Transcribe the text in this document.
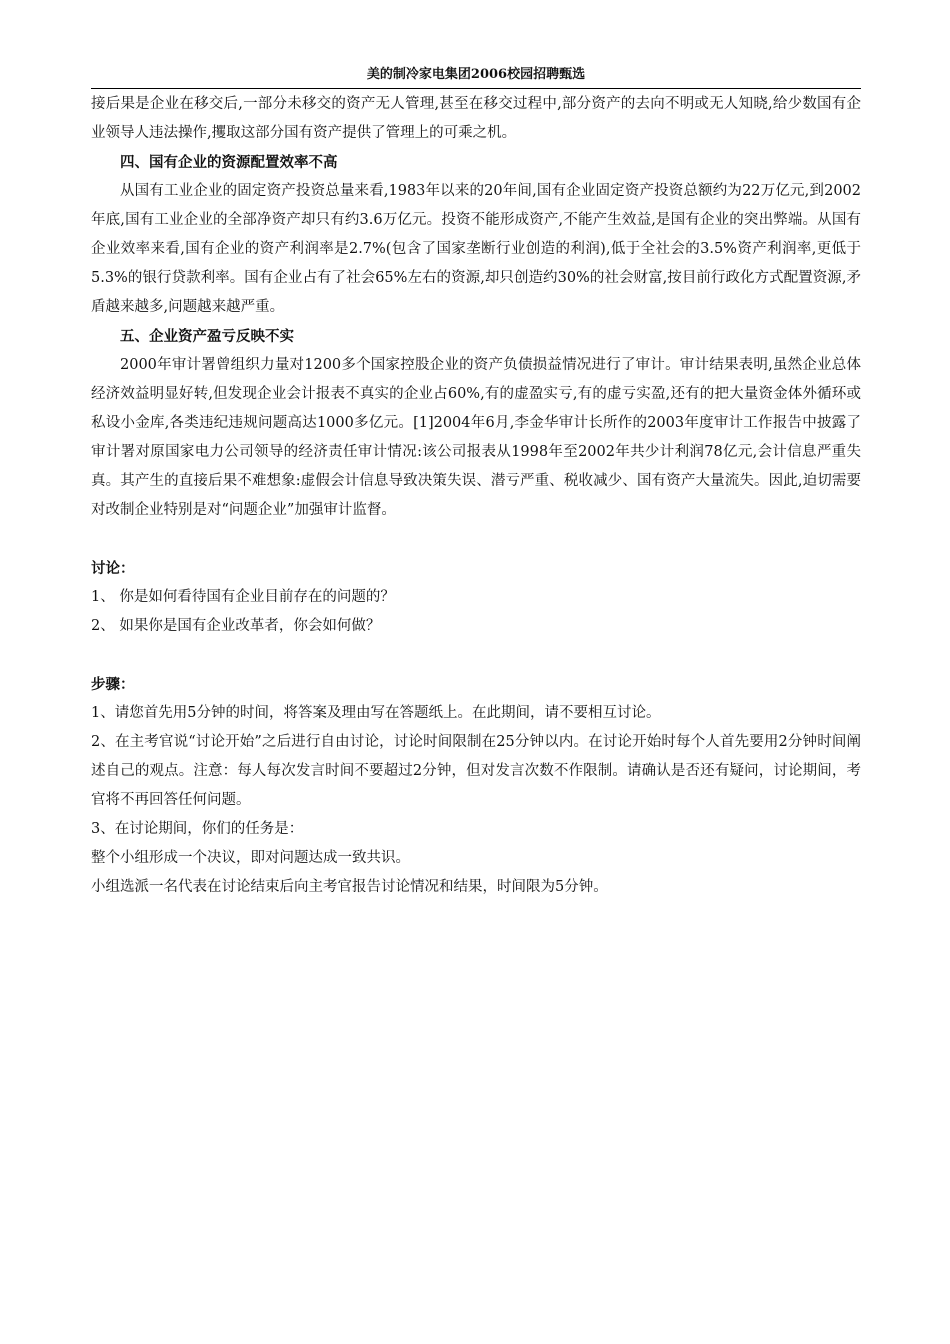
美的制冷家电集团2006校园招聘甄选

接后果是企业在移交后,一部分未移交的资产无人管理,甚至在移交过程中,部分资产的去向不明或无人知晓,给少数国有企业领导人违法操作,攫取这部分国有资产提供了管理上的可乘之机。

四、国有企业的资源配置效率不高

从国有工业企业的固定资产投资总量来看,1983年以来的20年间,国有企业固定资产投资总额约为22万亿元,到2002年底,国有工业企业的全部净资产却只有约3.6万亿元。投资不能形成资产,不能产生效益,是国有企业的突出弊端。从国有企业效率来看,国有企业的资产利润率是2.7%(包含了国家垄断行业创造的利润),低于全社会的3.5%资产利润率,更低于5.3%的银行贷款利率。国有企业占有了社会65%左右的资源,却只创造约30%的社会财富,按目前行政化方式配置资源,矛盾越来越多,问题越来越严重。

五、企业资产盈亏反映不实

2000年审计署曾组织力量对1200多个国家控股企业的资产负债损益情况进行了审计。审计结果表明,虽然企业总体经济效益明显好转,但发现企业会计报表不真实的企业占60%,有的虚盈实亏,有的虚亏实盈,还有的把大量资金体外循环或私设小金库,各类违纪违规问题高达1000多亿元。[1]2004年6月,李金华审计长所作的2003年度审计工作报告中披露了审计署对原国家电力公司领导的经济责任审计情况:该公司报表从1998年至2002年共少计利润78亿元,会计信息严重失真。其产生的直接后果不难想象:虚假会计信息导致决策失误、潜亏严重、税收减少、国有资产大量流失。因此,迫切需要对改制企业特别是对“问题企业”加强审计监督。

讨论：

1、 你是如何看待国有企业目前存在的问题的？

2、 如果你是国有企业改革者，你会如何做？

步骤：

1、请您首先用5分钟的时间，将答案及理由写在答题纸上。在此期间，请不要相互讨论。

2、在主考官说“讨论开始”之后进行自由讨论，讨论时间限制在25分钟以内。在讨论开始时每个人首先要用2分钟时间阐述自己的观点。注意：每人每次发言时间不要超过2分钟，但对发言次数不作限制。请确认是否还有疑问，讨论期间，考官将不再回答任何问题。

3、在讨论期间，你们的任务是：

整个小组形成一个决议，即对问题达成一致共识。

小组选派一名代表在讨论结束后向主考官报告讨论情况和结果，时间限为5分钟。
